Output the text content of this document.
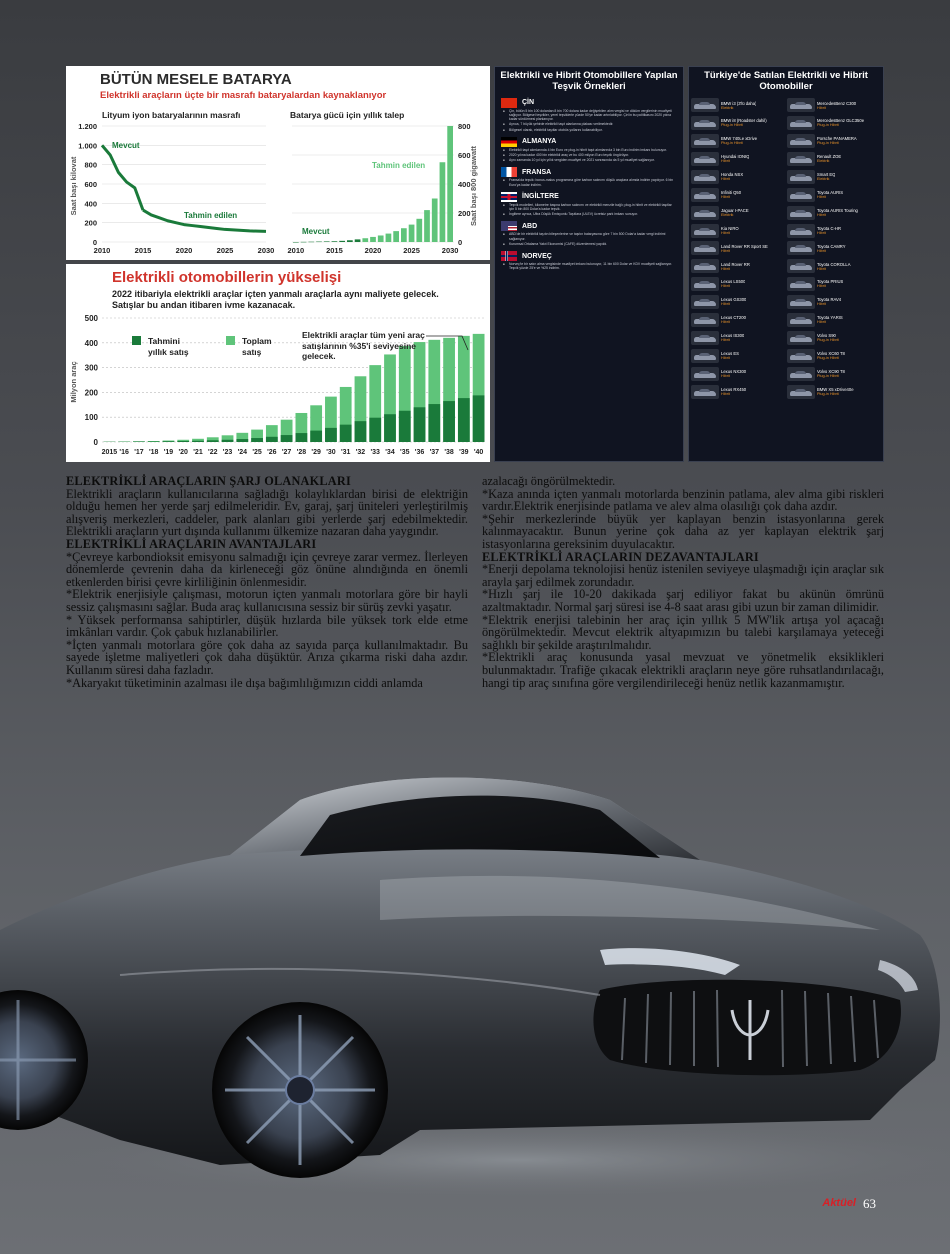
BÜTÜN MESELE BATARYA
Elektrikli araçların üçte bir masrafı bataryalardan kaynaklanıyor
Lityum iyon bataryalarının masrafı
Saat başı kilovat
0
200
400
600
800
1.000
1.200
2010	2015	2020	2025	2030
Mevcut
Tahmin edilen
Batarya gücü için yıllık talep
Saat başı 800 gigawatt
0
200
400
600
800
2010	2015	2020	2025	2030
Mevcut
Tahmin edilen
Elektrikli otomobillerin yükselişi
2022 itibariyla elektrikli araçlar içten yanmalı araçlarla aynı maliyete gelecek. Satışlar bu andan itibaren ivme kazanacak.
Milyon araç
0
100
200
300
400
500
2015 '16 '17 '18 '19 '20 '21 '22 '23 '24 '25 '26 '27 '28 '29 '30 '31 '32 '33 '34 '35 '36 '37 '38 '39 '40
Tahmini
yıllık satış
Toplam
satış
Elektrikli araçlar tüm yeni araç satışlarının %35'i seviyesine gelecek.
Elektrikli ve Hibrit Otomobillere Yapılan Teşvik Örnekleri
ÇİN
● Çin, bütün 5 bin 100 dolardan 8 bin 700 dolara kadar değişebilen alım vergisi ve döküm vergilerinin muafiyeti sağlıyor. Bölgesel teşvikler, yerel teşviklerle yüzde 50'ye kadar artırılabiliyor. Çin'in bu politikasını 2020 yılına kadar sürdürmesi planlanıyor.
● Ayrıca, 7 büyük şehirde elektrikli taşıt alanlarına plakası verilmektedir.
● Bölgesel olarak, elektrikli taşıtlar otobüs yollarını kullanabiliyor.
ALMANYA
● Elektrikli taşıt alımlarında 4 bin Euro ve plug-in hibrit taşıt alımlarında 3 bin Euro indirim imkanı bulunuyor.
● 2020 yılına kadar 400 bin elektrikli araç ve bu 400 milyon Euro teşvik öngörüyor.
● Aynı zamanda 10 yıl için yıllık vergiden muafiyet ve 2021 sonrasında da 5 yıl muafiyet sağlanıyor.
FRANSA
● Fransa'da teşvik: bonus-malus programına göre karbon salınımı düşük araçlara alımda indirim yapılıyor. 6 bin Euro'ya kadar indirim.
İNGİLTERE
● Teşvik modelleri, kilometre başına karbon salınımı ve elektrikli menzile bağlı; plug-in hibrit ve elektrikli taşıtlar için 5 bin 800 Dolar'a kadar teşvik.
● İngiltere ayrıca, Ultra Düşük Emisyonlu Taşıtlara (ULEV) ücretsiz park imkanı sunuyor.
ABD
● ABD'de bir elektrikli taşıtın bileşenlerine ve taşıtın bataryasına göre 7 bin 500 Dolar'a kadar vergi indirimi sağlanıyor.
● Kurumsal Ortalama Yakıt Ekonomisi (CAFE) düzenlemesi yapıldı.
NORVEÇ
● Norveç'te bir satın alma vergisinde muafiyet imkanı bulunuyor, 11 bin 600 Dolar ve KDV muafiyeti sağlanıyor. Teşvik yüzde 25'e ve %25 indirim.
Türkiye'de Satılan Elektrikli ve Hibrit Otomobiller
BMW i3 (3'lü daha)
Elektrik
MercedesBenz C300
Hibrit
BMW i8 (Roadster dahil)
Plug-in Hibrit
MercedesBenz GLC350e
Plug-in Hibrit
BMW 740Le xDrive
Plug-in Hibrit
Porsche PANAMERA
Plug-in Hibrit
Hyundai IONIQ
Hibrit
Renault ZOE
Elektrik
Honda NSX
Hibrit
Smart EQ
Elektrik
Infiniti Q50
Hibrit
Toyota AURIS
Hibrit
Jaguar I-PACE
Elektrik
Toyota AURIS Touring
Hibrit
Kia NIRO
Hibrit
Toyota C-HR
Hibrit
Land Rover RR Sport SE
Hibrit
Toyota CAMRY
Hibrit
Land Rover RR
Hibrit
Toyota COROLLA
Hibrit
Lexus LS500
Hibrit
Toyota PRIUS
Hibrit
Lexus GS300
Hibrit
Toyota RAV4
Hibrit
Lexus CT200
Hibrit
Toyota YARIS
Hibrit
Lexus IS300
Hibrit
Volvo S90
Plug-in Hibrit
Lexus ES
Hibrit
Volvo XC60 T8
Plug-in Hibrit
Lexus NX300
Hibrit
Volvo XC90 T8
Plug-in Hibrit
Lexus RX450
Hibrit
BMW X5 xDrive40e
Plug-in Hibrit
ELEKTRİKLİ ARAÇLARIN ŞARJ OLANAKLARI

Elektrikli araçların kullanıcılarına sağladığı kolaylıklardan birisi de elektriğin olduğu hemen her yerde şarj edilmeleridir. Ev, garaj, şarj üniteleri yerleştirilmiş alışveriş merkezleri, caddeler, park alanları gibi yerlerde şarj edebilmektedir. Elektrikli araçların yurt dışında kullanımı ülkemize nazaran daha yaygındır.

ELEKTRİKLİ ARAÇLARIN AVANTAJLARI

*Çevreye karbondioksit emisyonu salmadığı için çevreye zarar vermez. İlerleyen dönemlerde çevrenin daha da kirleneceği göz önüne alındığında en önemli etkenlerden birisi çevre kirliliğinin önlenmesidir.

*Elektrik enerjisiyle çalışması, motorun içten yanmalı motorlara göre bir hayli sessiz çalışmasını sağlar. Buda araç kullanıcısına sessiz bir sürüş zevki yaşatır.

* Yüksek performansa sahiptirler, düşük hızlarda bile yüksek tork elde etme imkânları vardır. Çok çabuk hızlanabilirler.

*İçten yanmalı motorlara göre çok daha az sayıda parça kullanılmaktadır. Bu sayede işletme maliyetleri çok daha düşüktür. Arıza çıkarma riski daha azdır. Kullanım süresi daha fazladır.

*Akaryakıt tüketiminin azalması ile dışa bağımlılığımızın ciddi anlamda

azalacağı öngörülmektedir.

*Kaza anında içten yanmalı motorlarda benzinin patlama, alev alma gibi riskleri vardır.Elektrik enerjisinde patlama ve alev alma olasılığı çok daha azdır.

*Şehir merkezlerinde büyük yer kaplayan benzin istasyonlarına gerek kalınmayacaktır. Bunun yerine çok daha az yer kaplayan elektrik şarj istasyonlarına gereksinim duyulacaktır.

ELEKTRİKLİ ARAÇLARIN DEZAVANTAJLARI

*Enerji depolama teknolojisi henüz istenilen seviyeye ulaşmadığı için araçlar sık arayla şarj edilmek zorundadır.

*Hızlı şarj ile 10-20 dakikada şarj ediliyor fakat bu akünün ömrünü azaltmaktadır. Normal şarj süresi ise 4-8 saat arası gibi uzun bir zaman dilimidir.

*Elektrik enerjisi talebinin her araç için yıllık 5 MW'lik artışa yol açacağı öngörülmektedir. Mevcut elektrik altyapımızın bu talebi karşılamaya yeteceği sağlıklı bir şekilde araştırılmalıdır.

*Elektrikli araç konusunda yasal mevzuat ve yönetmelik eksiklikleri bulunmaktadır. Trafiğe çıkacak elektrikli araçların neye göre ruhsatlandırılacağı, hangi tip araç sınıfına göre vergilendirileceği henüz netlik kazanmamıştır.

Aktüel 63
